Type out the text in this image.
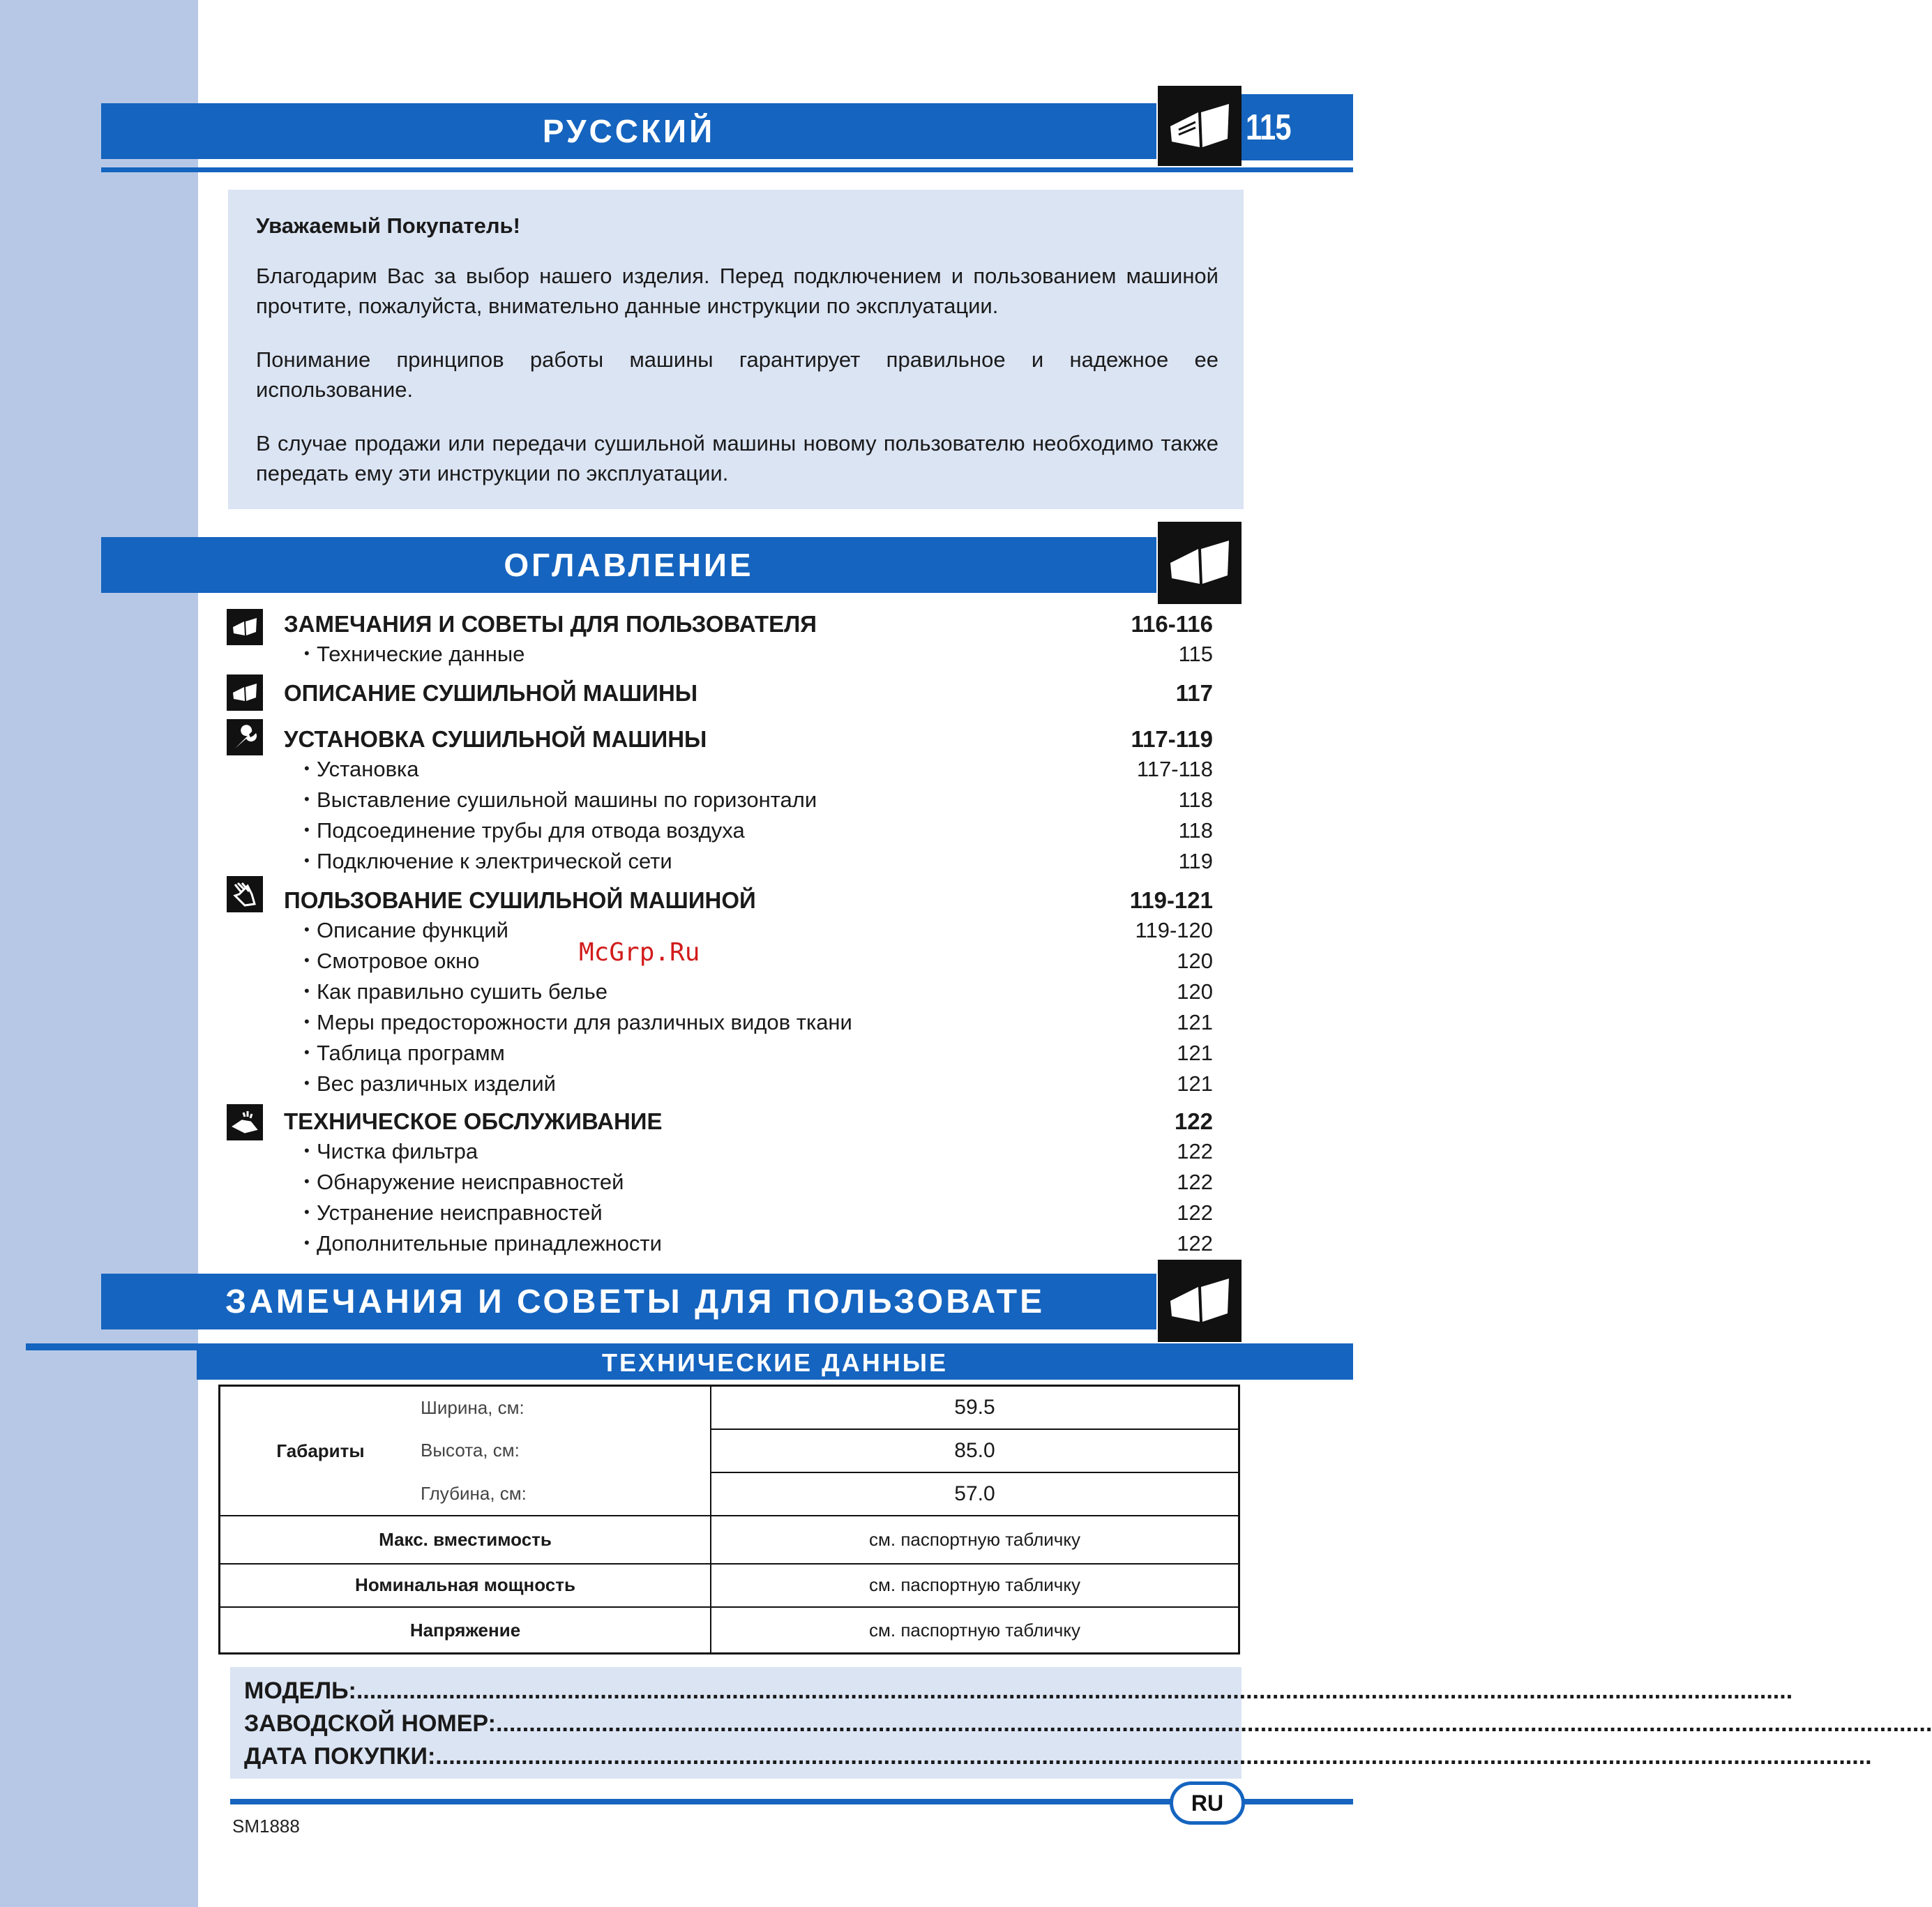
РУССКИЙ	115

Уважаемый Покупатель!

Благодарим Вас за выбор нашего изделия. Перед подключением и пользованием машиной прочтите, пожалуйста, внимательно данные инструкции по эксплуатации.

Понимание принципов работы машины гарантирует правильное и надежное ее использование.

В случае продажи или передачи сушильной машины новому пользователю необходимо также передать ему эти инструкции по эксплуатации.

ОГЛАВЛЕНИЕ
ЗАМЕЧАНИЯ И СОВЕТЫ ДЛЯ ПОЛЬЗОВАТЕЛЯ	116-116
• Технические данные	115
ОПИСАНИЕ СУШИЛЬНОЙ МАШИНЫ	117
УСТАНОВКА СУШИЛЬНОЙ МАШИНЫ	117-119
• Установка	117-118
• Выставление сушильной машины по горизонтали	118
• Подсоединение трубы для отвода воздуха	118
• Подключение к электрической сети	119
ПОЛЬЗОВАНИЕ СУШИЛЬНОЙ МАШИНОЙ	119-121
• Описание функций	119-120
• Смотровое окно	120
• Как правильно сушить белье	120
• Меры предосторожности для различных видов ткани	121
• Таблица программ	121
• Вес различных изделий	121
ТЕХНИЧЕСКОЕ ОБСЛУЖИВАНИЕ	122
• Чистка фильтра	122
• Обнаружение неисправностей	122
• Устранение неисправностей	122
• Дополнительные принадлежности	122
McGrp.Ru
ЗАМЕЧАНИЯ И СОВЕТЫ ДЛЯ ПОЛЬЗОВАТЕ
ТЕХНИЧЕСКИЕ ДАННЫЕ
Габариты	Ширина, см:	59.5
	Высота, см:	85.0
	Глубина, см:	57.0
Макс. вместимость		см. паспортную табличку
Номинальная мощность		см. паспортную табличку
Напряжение		см. паспортную табличку
МОДЕЛЬ:..........................................................................................................................................................................................................................
ЗАВОДСКОЙ НОМЕР:..........................................................................................................................................................................................................................
ДАТА ПОКУПКИ:..........................................................................................................................................................................................................................
RU
SM1888
